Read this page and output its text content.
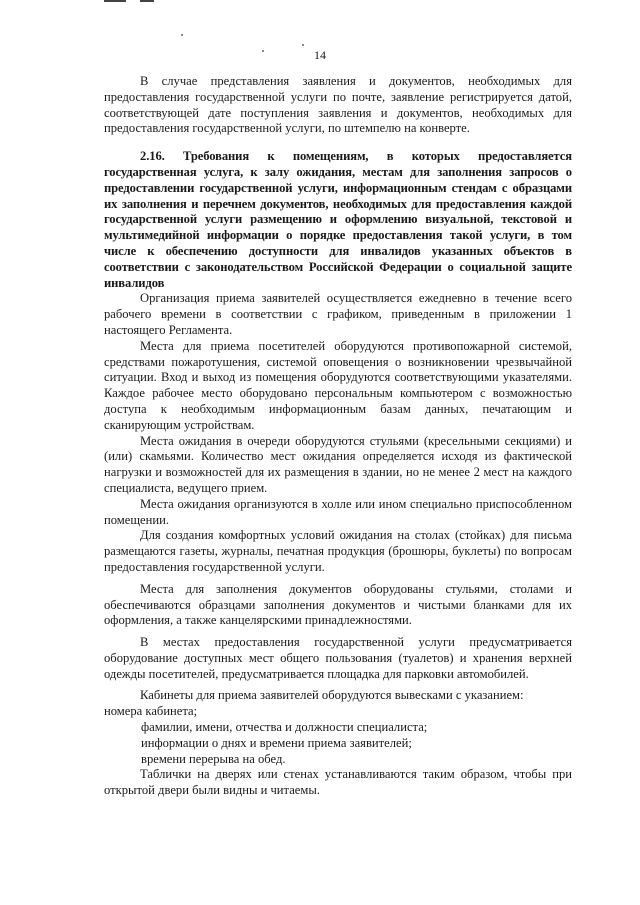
14

В случае представления заявления и документов, необходимых для предоставления государственной услуги по почте, заявление регистрируется датой, соответствующей дате поступления заявления и документов, необходимых для предоставления государственной услуги, по штемпелю на конверте.

2.16. Требования к помещениям, в которых предоставляется государственная услуга, к залу ожидания, местам для заполнения запросов о предоставлении государственной услуги, информационным стендам с образцами их заполнения и перечнем документов, необходимых для предоставления каждой государственной услуги размещению и оформлению визуальной, текстовой и мультимедийной информации о порядке предоставления такой услуги, в том числе к обеспечению доступности для инвалидов указанных объектов в соответствии с законодательством Российской Федерации о социальной защите инвалидов

Организация приема заявителей осуществляется ежедневно в течение всего рабочего времени в соответствии с графиком, приведенным в приложении 1 настоящего Регламента.

Места для приема посетителей оборудуются противопожарной системой, средствами пожаротушения, системой оповещения о возникновении чрезвычайной ситуации. Вход и выход из помещения оборудуются соответствующими указателями. Каждое рабочее место оборудовано персональным компьютером с возможностью доступа к необходимым информационным базам данных, печатающим и сканирующим устройствам.

Места ожидания в очереди оборудуются стульями (кресельными секциями) и (или) скамьями. Количество мест ожидания определяется исходя из фактической нагрузки и возможностей для их размещения в здании, но не менее 2 мест на каждого специалиста, ведущего прием.

Места ожидания организуются в холле или ином специально приспособленном помещении.

Для создания комфортных условий ожидания на столах (стойках) для письма размещаются газеты, журналы, печатная продукция (брошюры, буклеты) по вопросам предоставления государственной услуги.

Места для заполнения документов оборудованы стульями, столами и обеспечиваются образцами заполнения документов и чистыми бланками для их оформления, а также канцелярскими принадлежностями.

В местах предоставления государственной услуги предусматривается оборудование доступных мест общего пользования (туалетов) и хранения верхней одежды посетителей, предусматривается площадка для парковки автомобилей.

Кабинеты для приема заявителей оборудуются вывесками с указанием:

номера кабинета;

фамилии, имени, отчества и должности специалиста;

информации о днях и времени приема заявителей;

времени перерыва на обед.

Таблички на дверях или стенах устанавливаются таким образом, чтобы при открытой двери были видны и читаемы.
